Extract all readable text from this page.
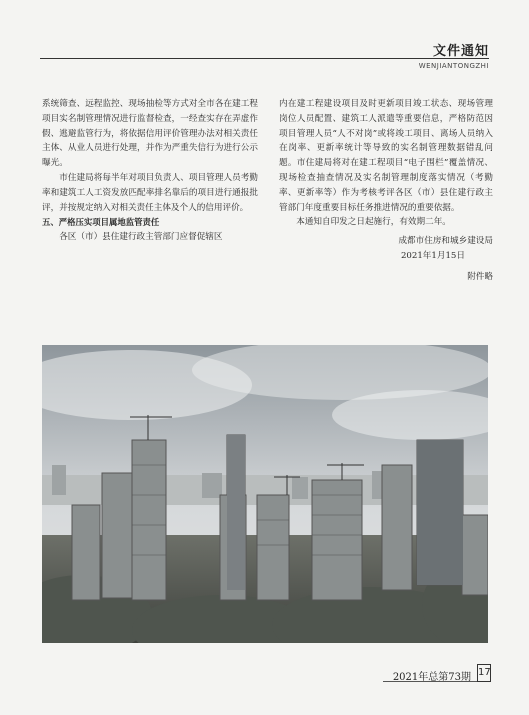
文件通知
WENJIANTONGZHI

系统筛查、远程监控、现场抽检等方式对全市各在建工程项目实名制管理情况进行监督检查，一经查实存在弄虚作假、逃避监管行为，将依据信用评价管理办法对相关责任主体、从业人员进行处理，并作为严重失信行为进行公示曝光。

市住建局将每半年对项目负责人、项目管理人员考勤率和建筑工人工资发放匹配率排名靠后的项目进行通报批评，并按规定纳入对相关责任主体及个人的信用评价。

五、严格压实项目属地监管责任

各区（市）县住建行政主管部门应督促辖区

内在建工程建设项目及时更新项目竣工状态、现场管理岗位人员配置、建筑工人派遣等重要信息，严格防范因项目管理人员“人不对岗”或将竣工项目、离场人员纳入在岗率、更新率统计等导致的实名制管理数据错乱问题。市住建局将对在建工程项目“电子围栏”覆盖情况、现场检查抽查情况及实名制管理制度落实情况（考勤率、更新率等）作为考核考评各区（市）县住建行政主管部门年度重要目标任务推进情况的重要依据。

本通知自印发之日起施行，有效期二年。

成都市住房和城乡建设局

2021年1月15日

附件略

2021年总第73期 17
